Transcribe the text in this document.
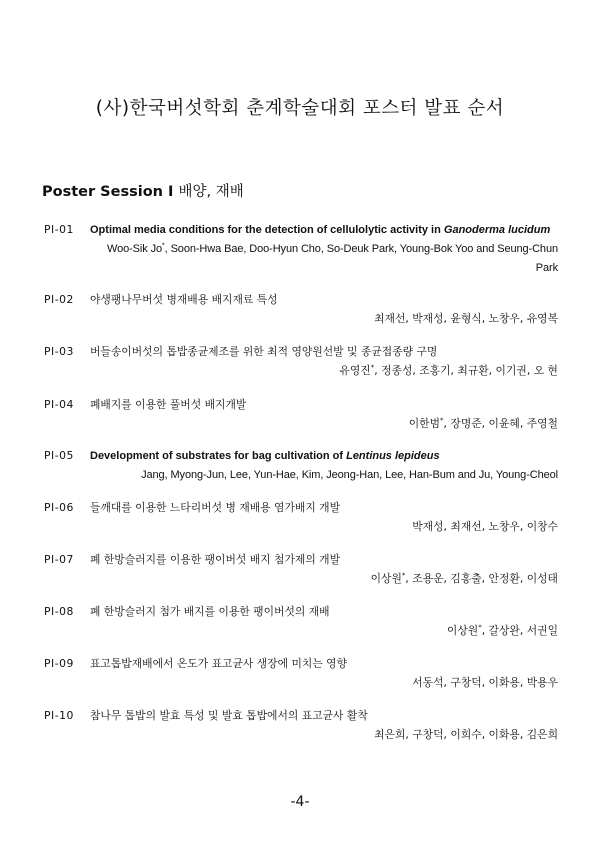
(사)한국버섯학회 춘계학술대회 포스터 발표 순서
Poster Session Ⅰ 배양, 재배
PⅠ-01 Optimal media conditions for the detection of cellulolytic activity in Ganoderma lucidum
Woo-Sik Jo*, Soon-Hwa Bae, Doo-Hyun Cho, So-Deuk Park, Young-Bok Yoo and Seung-Chun Park
PⅠ-02 야생팽나무버섯 병재배용 배지재료 특성
최재선, 박재성, 윤형식, 노창우, 유영복
PⅠ-03 버들송이버섯의 톱밥종균제조를 위한 최적 영양원선발 및 종균접종량 구명
유영진*, 정종성, 조홍기, 최규환, 이기권, 오 현
PⅠ-04 폐배지를 이용한 풀버섯 배지개발
이한범*, 장명준, 이윤혜, 주영철
PⅠ-05 Development of substrates for bag cultivation of Lentinus lepideus
Jang, Myong-Jun, Lee, Yun-Hae, Kim, Jeong-Han, Lee, Han-Bum and Ju, Young-Cheol
PⅠ-06 들깨대를 이용한 느타리버섯 병 재배용 염가배지 개발
박재성, 최재선, 노창우, 이창수
PⅠ-07 폐 한방슬러지를 이용한 팽이버섯 배지 첨가제의 개발
이상원*, 조용운, 김홍출, 안정환, 이성태
PⅠ-08 폐 한방슬러지 첨가 배지를 이용한 팽이버섯의 재배
이상원*, 갈상완, 서권일
PⅠ-09 표고톱밥재배에서 온도가 표고균사 생장에 미치는 영향
서동석, 구창덕, 이화용, 박용우
PⅠ-10 참나무 톱밥의 발효 특성 및 발효 톱밥에서의 표고균사 활착
최은희, 구창덕, 이희수, 이화용, 김은희
-4-
